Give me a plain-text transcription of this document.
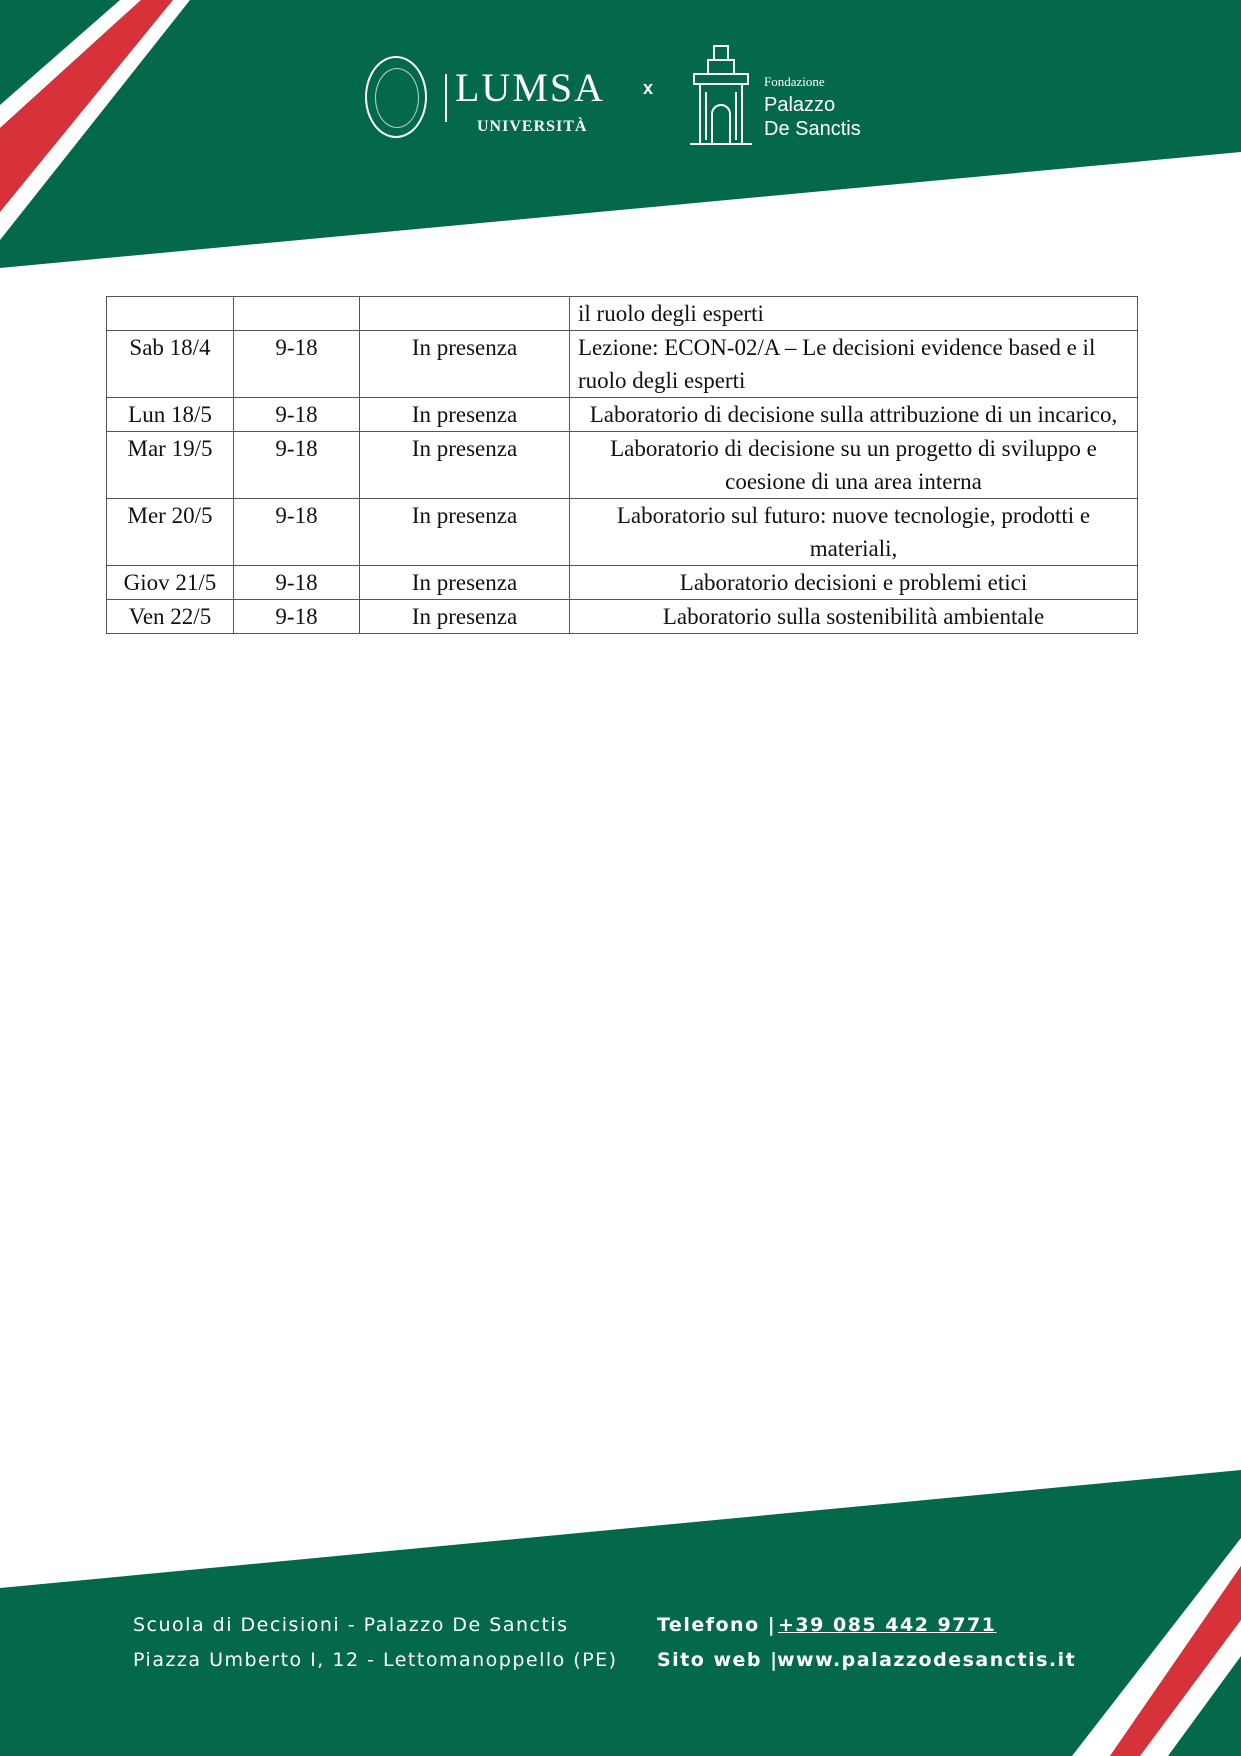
LUMSA
UNIVERSITÀ
x	Fondazione
Palazzo
De Sanctis
			il ruolo degli esperti
Sab 18/4	9-18	In presenza	Lezione: ECON-02/A – Le decisioni evidence based e il ruolo degli esperti
Lun 18/5	9-18	In presenza	Laboratorio di decisione sulla attribuzione di un incarico,
Mar 19/5	9-18	In presenza	Laboratorio di decisione su un progetto di sviluppo e coesione di una area interna
Mer 20/5	9-18	In presenza	Laboratorio sul futuro: nuove tecnologie, prodotti e materiali,
Giov 21/5	9-18	In presenza	Laboratorio decisioni e problemi etici
Ven 22/5	9-18	In presenza	Laboratorio sulla sostenibilità ambientale
Scuola di Decisioni - Palazzo De Sanctis
Piazza Umberto I, 12 - Lettomanoppello (PE)
Telefono | +39 085 442 9771
Sito web |
www.palazzodesanctis.it
